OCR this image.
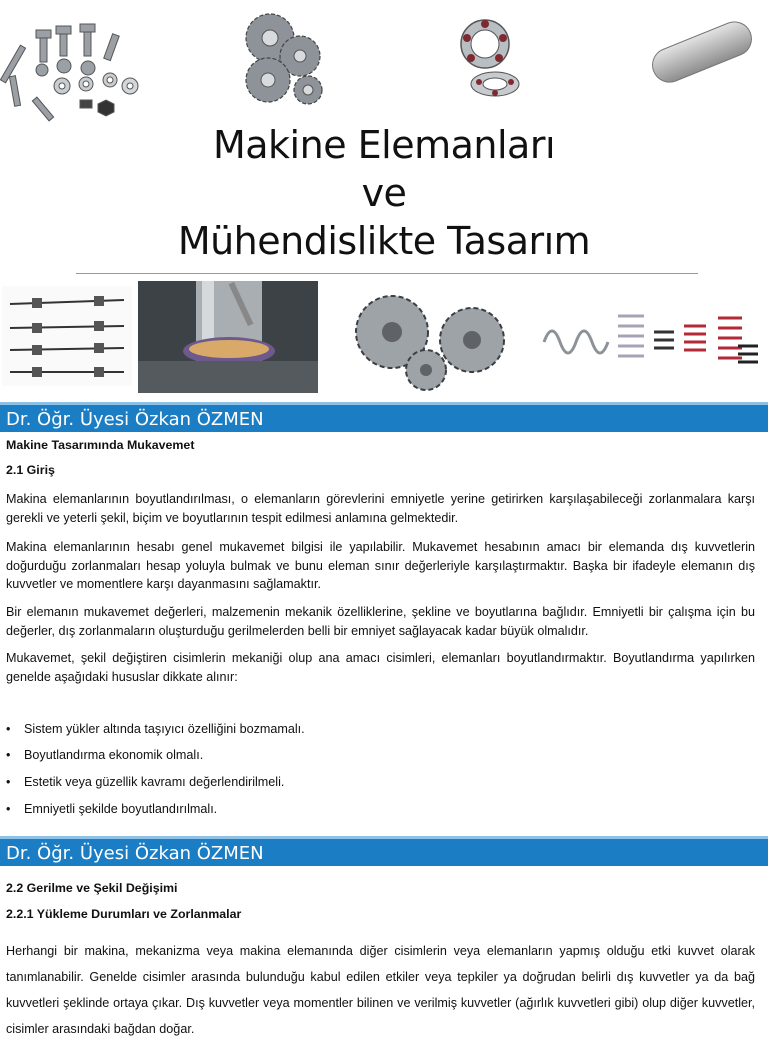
Makine Elemanları
ve
Mühendislikte Tasarım
Dr. Öğr. Üyesi Özkan ÖZMEN
Makine Tasarımında Mukavemet
2.1 Giriş
Makina elemanlarının boyutlandırılması, o elemanların görevlerini emniyetle yerine getirirken karşılaşabileceği zorlanmalara karşı gerekli ve yeterli şekil, biçim ve boyutlarının tespit edilmesi anlamına gelmektedir.
Makina elemanlarının hesabı genel mukavemet bilgisi ile yapılabilir. Mukavemet hesabının amacı bir elemanda dış kuvvetlerin doğurduğu zorlanmaları hesap yoluyla bulmak ve bunu eleman sınır değerleriyle karşılaştırmaktır. Başka bir ifadeyle elemanın dış kuvvetler ve momentlere karşı dayanmasını sağlamaktır.
Bir elemanın mukavemet değerleri, malzemenin mekanik özelliklerine, şekline ve boyutlarına bağlıdır. Emniyetli bir çalışma için bu değerler, dış zorlanmaların oluşturduğu gerilmelerden belli bir emniyet sağlayacak kadar büyük olmalıdır.
Mukavemet, şekil değiştiren cisimlerin mekaniği olup ana amacı cisimleri, elemanları boyutlandırmaktır. Boyutlandırma yapılırken genelde aşağıdaki hususlar dikkate alınır:
• Sistem yükler altında taşıyıcı özelliğini bozmamalı.
• Boyutlandırma ekonomik olmalı.
• Estetik veya güzellik kavramı değerlendirilmeli.
• Emniyetli şekilde boyutlandırılmalı.
Dr. Öğr. Üyesi Özkan ÖZMEN
2.2 Gerilme ve Şekil Değişimi
2.2.1 Yükleme Durumları ve Zorlanmalar
Herhangi bir makina, mekanizma veya makina elemanında diğer cisimlerin veya elemanların yapmış olduğu etki kuvvet olarak tanımlanabilir. Genelde cisimler arasında bulunduğu kabul edilen etkiler veya tepkiler ya doğrudan belirli dış kuvvetler ya da bağ kuvvetleri şeklinde ortaya çıkar. Dış kuvvetler veya momentler bilinen ve verilmiş kuvvetler (ağırlık kuvvetleri gibi) olup diğer kuvvetler, cisimler arasındaki bağdan doğar.
